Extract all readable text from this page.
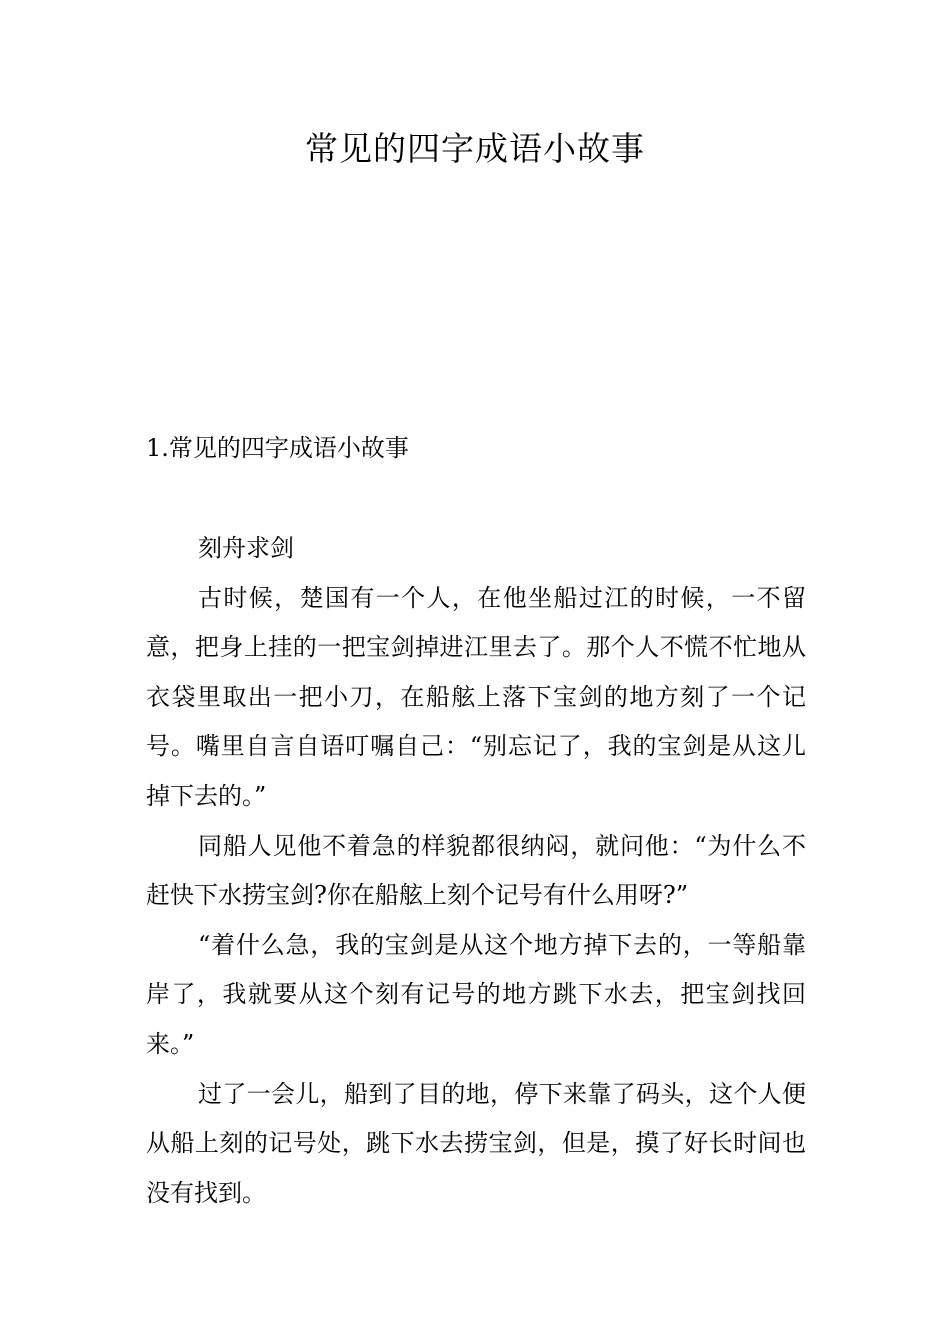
常见的四字成语小故事
1.常见的四字成语小故事

刻舟求剑

古时候，楚国有一个人，在他坐船过江的时候，一不留意，把身上挂的一把宝剑掉进江里去了。那个人不慌不忙地从衣袋里取出一把小刀，在船舷上落下宝剑的地方刻了一个记号。嘴里自言自语叮嘱自己：“别忘记了，我的宝剑是从这儿掉下去的。”

同船人见他不着急的样貌都很纳闷，就问他：“为什么不赶快下水捞宝剑?你在船舷上刻个记号有什么用呀?”

“着什么急，我的宝剑是从这个地方掉下去的，一等船靠岸了，我就要从这个刻有记号的地方跳下水去，把宝剑找回来。”

过了一会儿，船到了目的地，停下来靠了码头，这个人便从船上刻的记号处，跳下水去捞宝剑，但是，摸了好长时间也没有找到。
